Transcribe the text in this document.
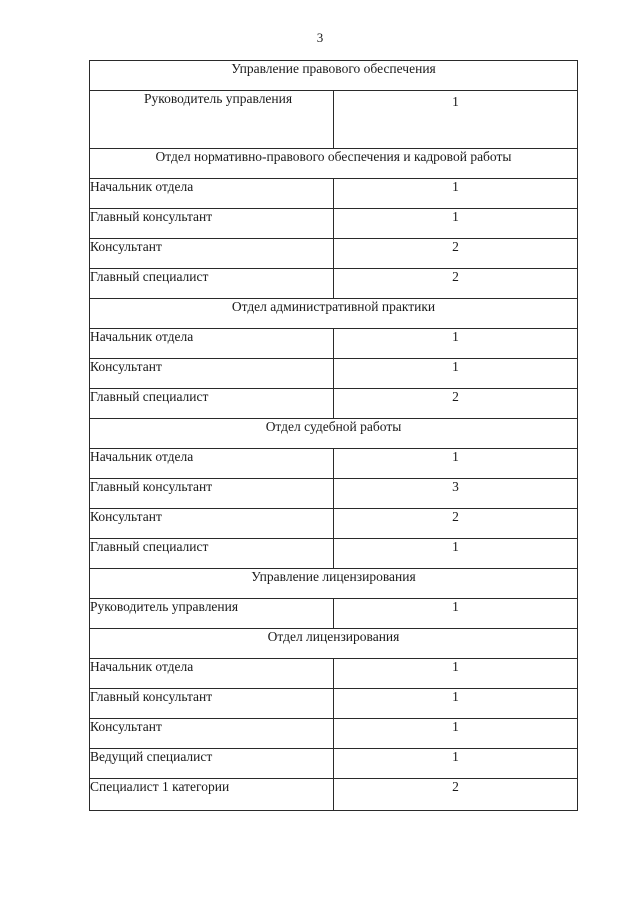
3
Управление правового обеспечения	
Руководитель управления	1
Отдел нормативно-правового обеспечения и кадровой работы	
Начальник отдела	1
Главный консультант	1
Консультант	2
Главный специалист	2
Отдел административной практики	
Начальник отдела	1
Консультант	1
Главный специалист	2
Отдел судебной работы	
Начальник отдела	1
Главный консультант	3
Консультант	2
Главный специалист	1
Управление лицензирования	
Руководитель управления	1
Отдел лицензирования	
Начальник отдела	1
Главный консультант	1
Консультант	1
Ведущий специалист	1
Специалист 1 категории	2
